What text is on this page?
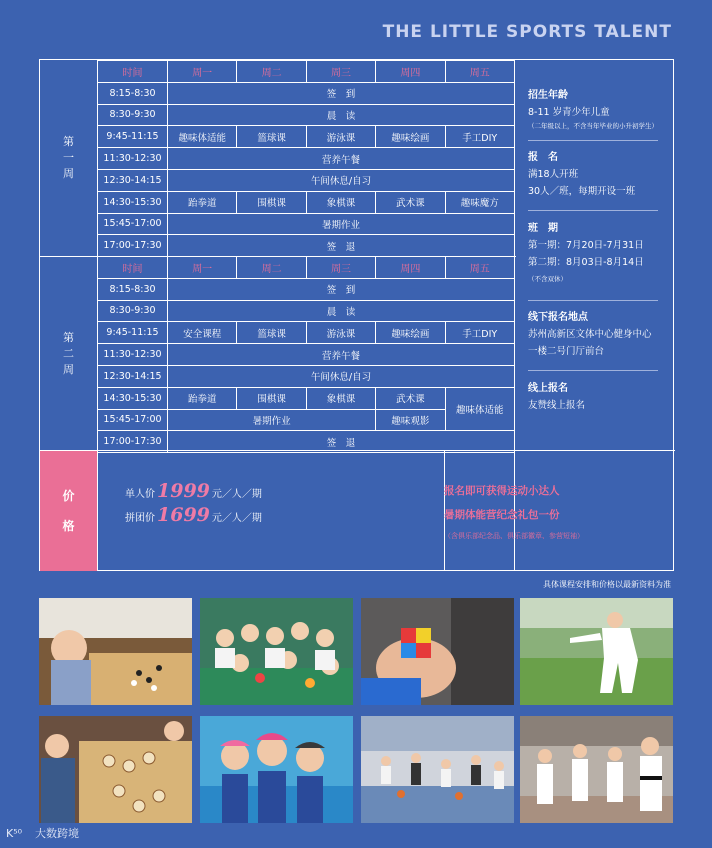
THE LITTLE SPORTS TALENT
第一周
时间	周一	周二	周三	周四	周五
8:15-8:30	签　到				
8:30-9:30	晨　读				
9:45-11:15	趣味体适能	篮球课	游泳课	趣味绘画	手工DIY
11:30-12:30	营养午餐				
12:30-14:15	午间休息/自习				
14:30-15:30	跆拳道	围棋课	象棋课	武术课	趣味魔方
15:45-17:00	暑期作业				
17:00-17:30	签　退				
第二周
时间	周一	周二	周三	周四	周五
8:15-8:30	签　到				
8:30-9:30	晨　读				
9:45-11:15	安全课程	篮球课	游泳课	趣味绘画	手工DIY
11:30-12:30	营养午餐				
12:30-14:15	午间休息/自习				
14:30-15:30	跆拳道	围棋课	象棋课	武术课	趣味体适能
15:45-17:00	暑期作业			趣味观影	
17:00-17:30	签　退				
招生年龄
8-11 岁青少年儿童
（二年级以上，不含当年毕业的小升初学生）
报　名
满18人开班
30人／班，每期开设一班
班　期
第一期：7月20日-7月31日
第二期：8月03日-8月14日
（不含双休）
线下报名地点
苏州高新区文体中心健身中心
一楼二号门厅前台
线上报名
友赞线上报名
价
格
单人价 1999 元／人／期
拼团价 1699 元／人／期
报名即可获得运动小达人
暑期体能营纪念礼包一份
（含俱乐部纪念品、俱乐部徽章、参营短袖）
具体课程安排和价格以最新资料为准
K⁵⁰ 大数跨境
